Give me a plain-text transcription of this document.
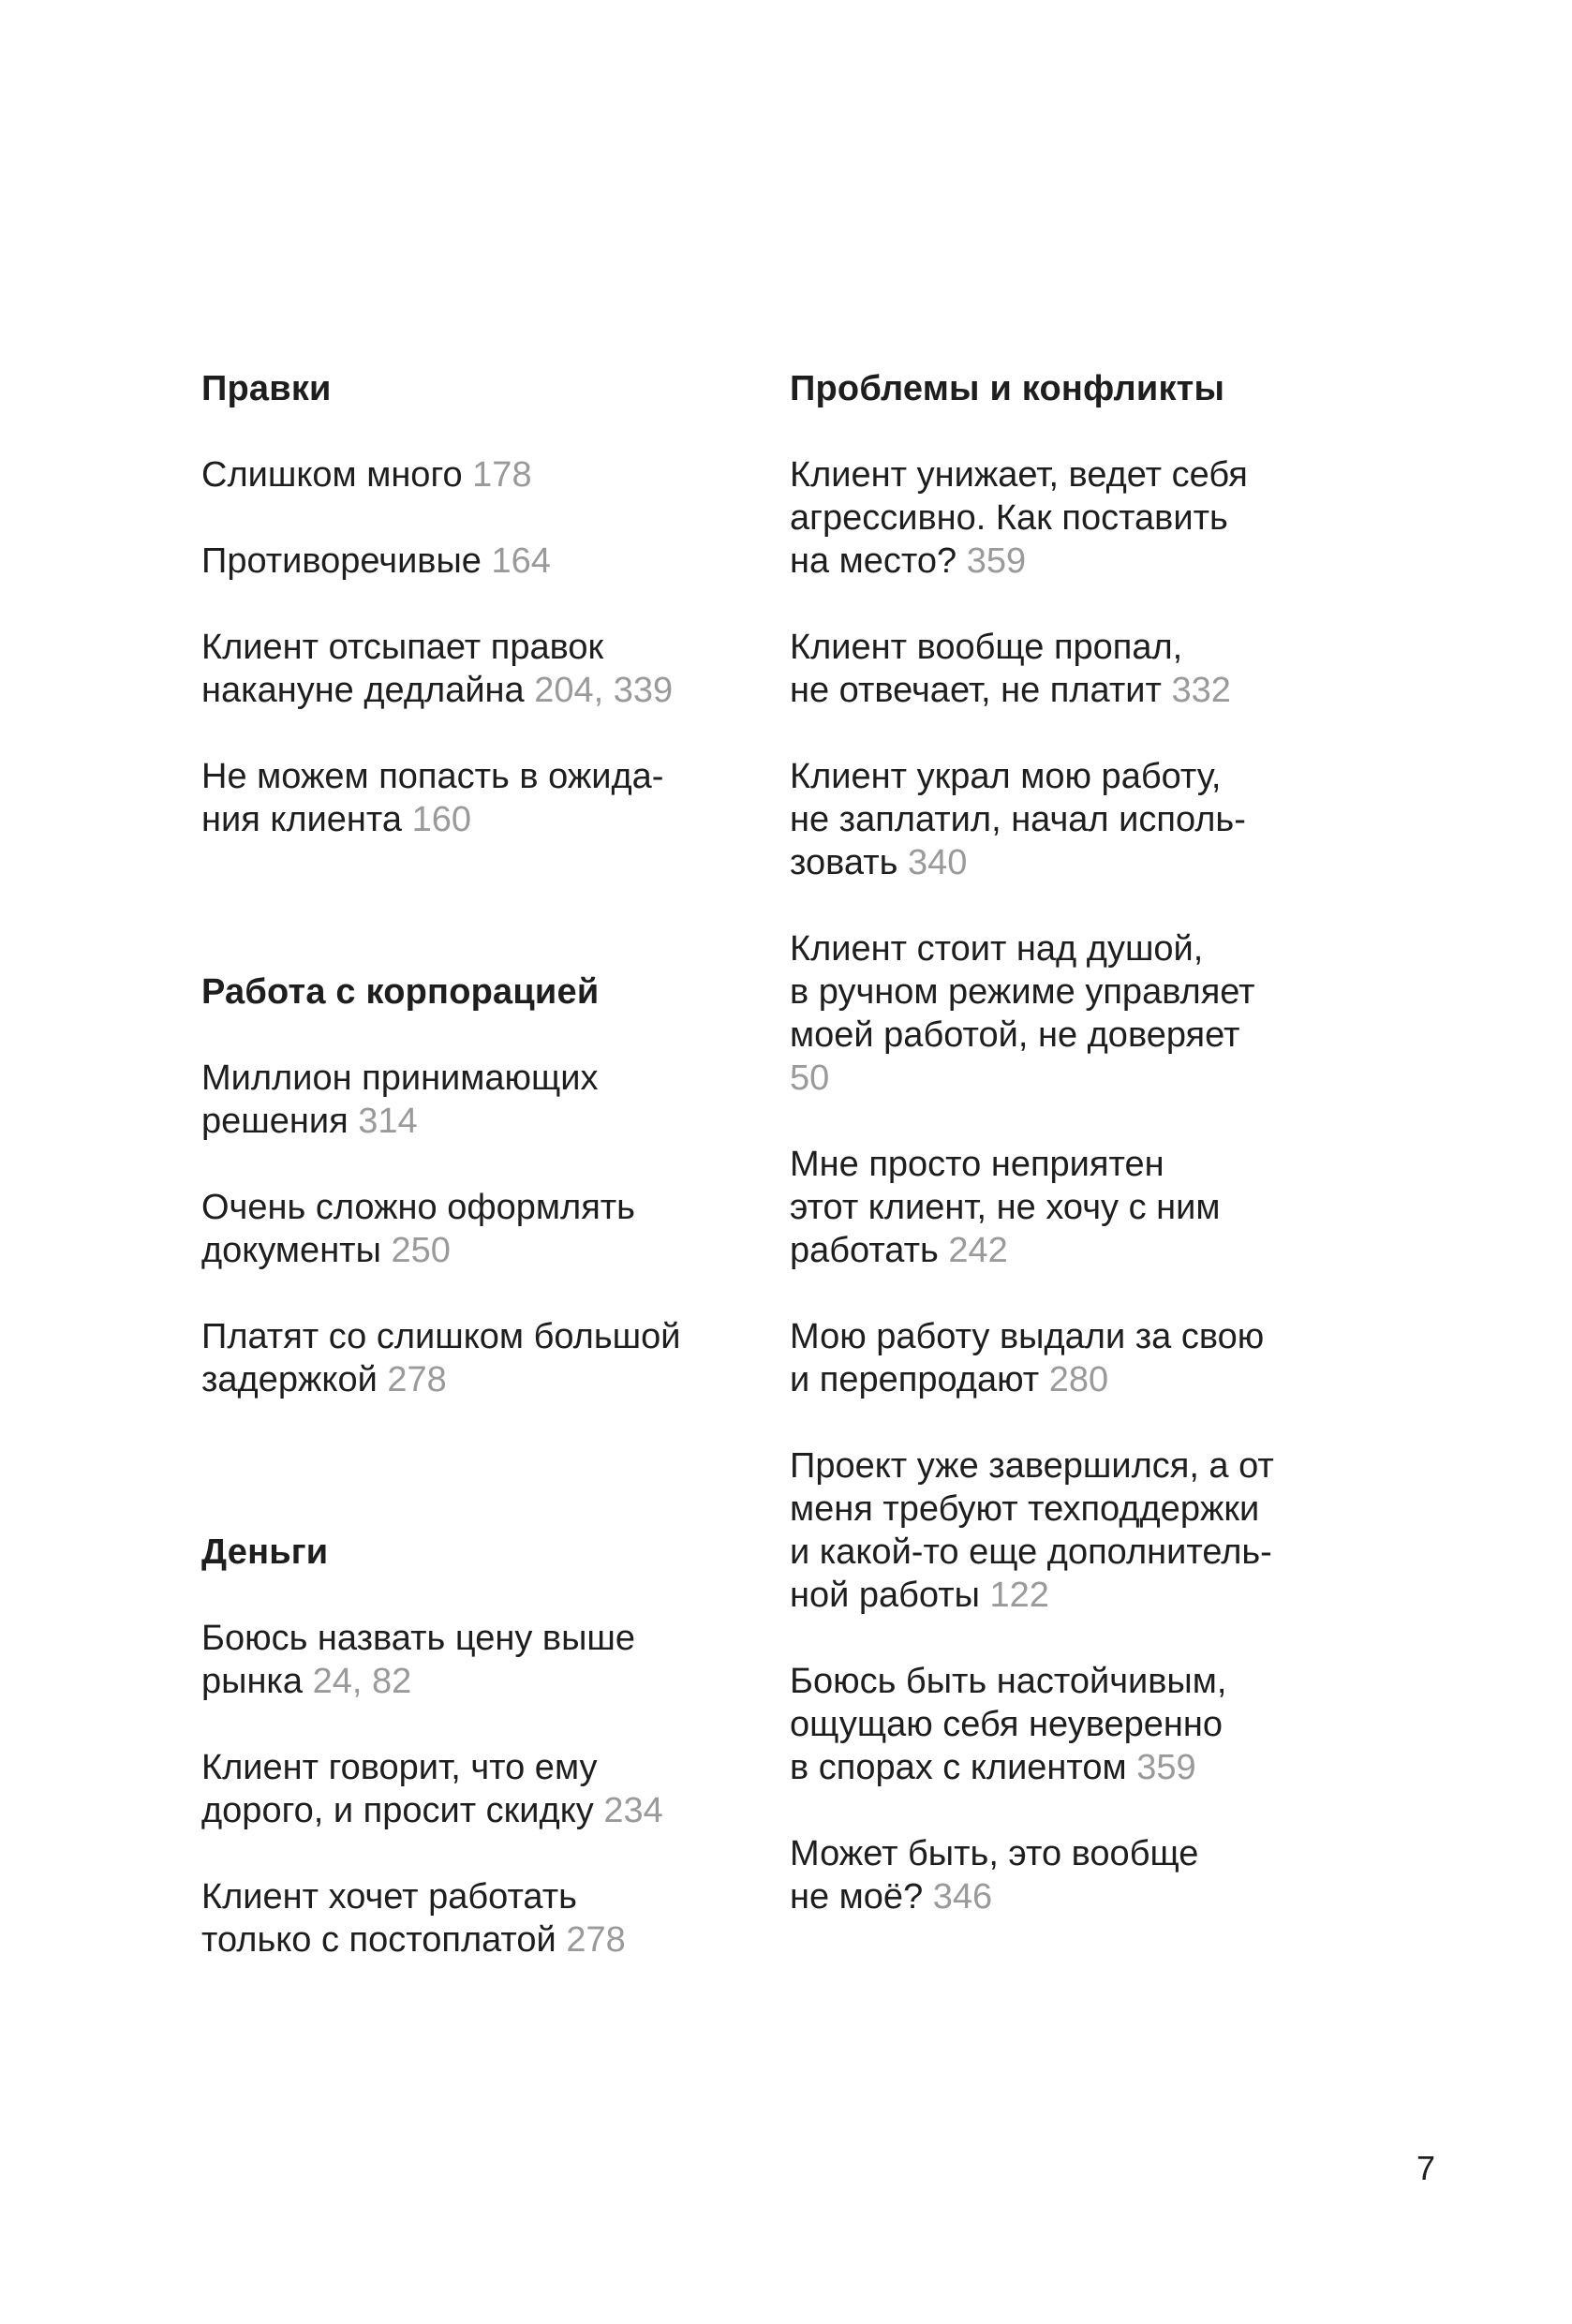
Правки
Слишком много 178
Противоречивые 164
Клиент отсыпает правок
накануне дедлайна 204, 339
Не можем попасть в ожида-
ния клиента 160
Работа с корпорацией
Миллион принимающих
решения 314
Очень сложно оформлять
документы 250
Платят со слишком большой
задержкой 278
Деньги
Боюсь назвать цену выше
рынка 24, 82
Клиент говорит, что ему
дорого, и просит скидку 234
Клиент хочет работать
только с постоплатой 278
Проблемы и конфликты
Клиент унижает, ведет себя
агрессивно. Как поставить
на место? 359
Клиент вообще пропал,
не отвечает, не платит 332
Клиент украл мою работу,
не заплатил, начал исполь-
зовать 340
Клиент стоит над душой,
в ручном режиме управляет
моей работой, не доверяет
50
Мне просто неприятен
этот клиент, не хочу с ним
работать 242
Мою работу выдали за свою
и перепродают 280
Проект уже завершился, а от
меня требуют техподдержки
и какой-то еще дополнитель-
ной работы 122
Боюсь быть настойчивым,
ощущаю себя неуверенно
в спорах с клиентом 359
Может быть, это вообще
не моё? 346
7
